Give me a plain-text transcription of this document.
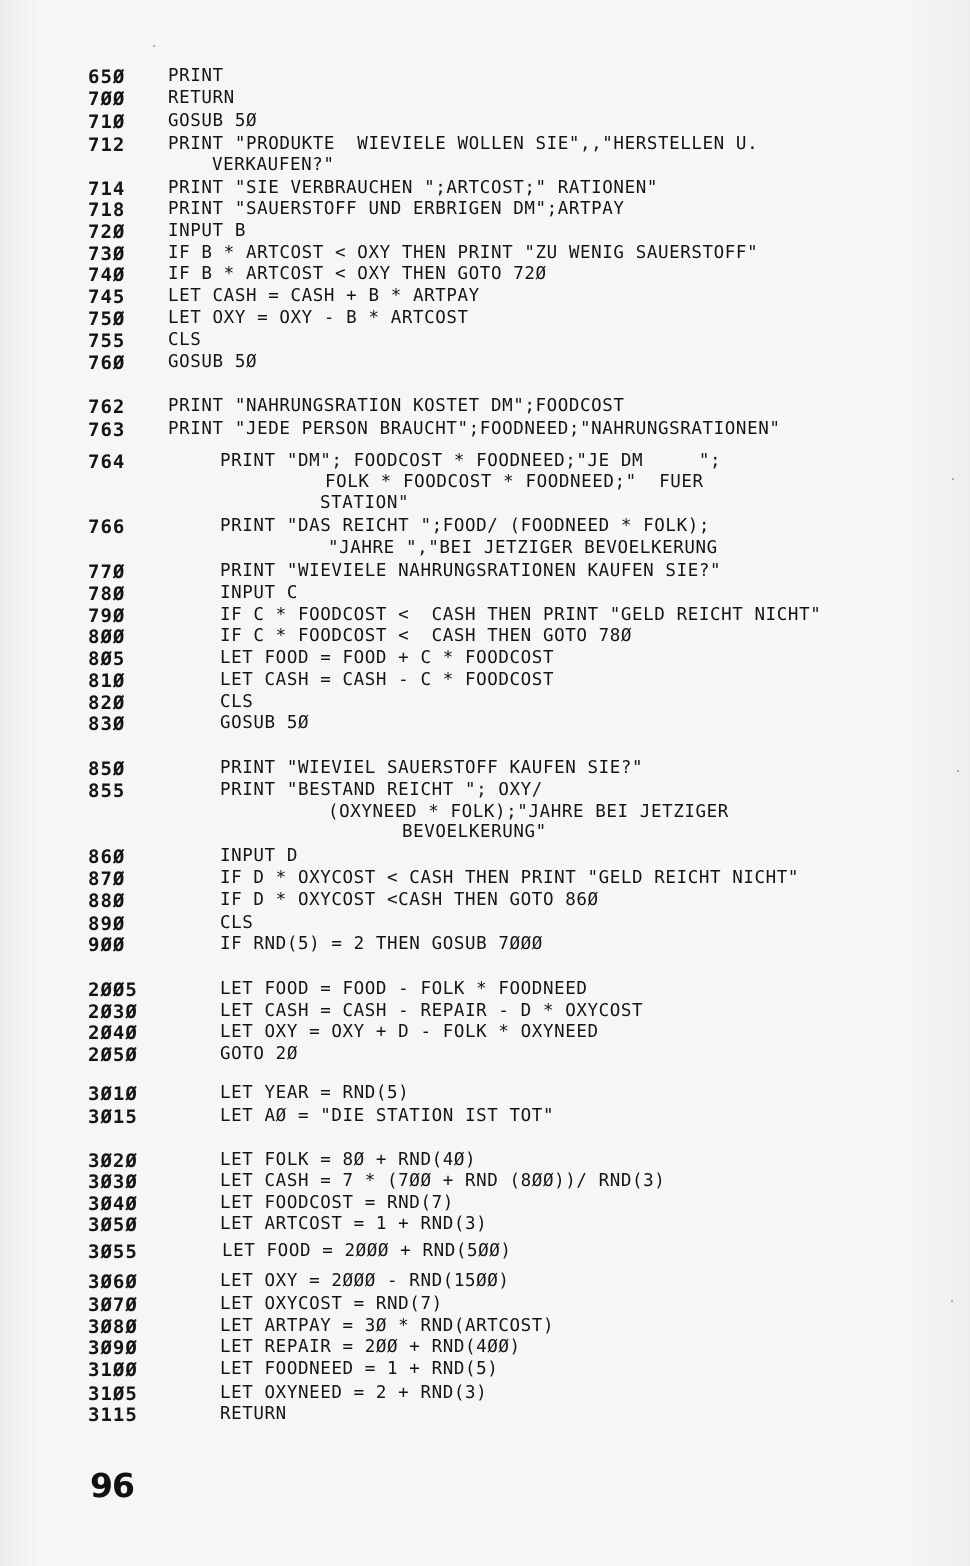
65Ø PRINT
7ØØ RETURN
71Ø GOSUB 5Ø
712 PRINT "PRODUKTE  WIEVIELE WOLLEN SIE",,"HERSTELLEN U.
VERKAUFEN?"
714 PRINT "SIE VERBRAUCHEN ";ARTCOST;" RATIONEN"
718 PRINT "SAUERSTOFF UND ERBRIGEN DM";ARTPAY
72Ø INPUT B
73Ø IF B * ARTCOST < OXY THEN PRINT "ZU WENIG SAUERSTOFF"
74Ø IF B * ARTCOST < OXY THEN GOTO 72Ø
745 LET CASH = CASH + B * ARTPAY
75Ø LET OXY = OXY - B * ARTCOST
755 CLS
76Ø GOSUB 5Ø
762 PRINT "NAHRUNGSRATION KOSTET DM";FOODCOST
763 PRINT "JEDE PERSON BRAUCHT";FOODNEED;"NAHRUNGSRATIONEN"
764	PRINT "DM"; FOODCOST * FOODNEED;"JE DM     ";
FOLK * FOODCOST * FOODNEED;"  FUER
STATION"
766	PRINT "DAS REICHT ";FOOD/ (FOODNEED * FOLK);
"JAHRE ","BEI JETZIGER BEVOELKERUNG
77Ø	PRINT "WIEVIELE NAHRUNGSRATIONEN KAUFEN SIE?"
78Ø	INPUT C
79Ø	IF C * FOODCOST <  CASH THEN PRINT "GELD REICHT NICHT"
8ØØ	IF C * FOODCOST <  CASH THEN GOTO 78Ø
8Ø5	LET FOOD = FOOD + C * FOODCOST
81Ø	LET CASH = CASH - C * FOODCOST
82Ø	CLS
83Ø	GOSUB 5Ø
85Ø	PRINT "WIEVIEL SAUERSTOFF KAUFEN SIE?"
855	PRINT "BESTAND REICHT "; OXY/
(OXYNEED * FOLK);"JAHRE BEI JETZIGER
BEVOELKERUNG"
86Ø	INPUT D
87Ø	IF D * OXYCOST < CASH THEN PRINT "GELD REICHT NICHT"
88Ø	IF D * OXYCOST <CASH THEN GOTO 86Ø
89Ø	CLS
9ØØ	IF RND(5) = 2 THEN GOSUB 7ØØØ
2ØØ5	LET FOOD = FOOD - FOLK * FOODNEED
2Ø3Ø	LET CASH = CASH - REPAIR - D * OXYCOST
2Ø4Ø	LET OXY = OXY + D - FOLK * OXYNEED
2Ø5Ø	GOTO 2Ø
3Ø1Ø	LET YEAR = RND(5)
3Ø15	LET AØ = "DIE STATION IST TOT"
3Ø2Ø	LET FOLK = 8Ø + RND(4Ø)
3Ø3Ø	LET CASH = 7 * (7ØØ + RND (8ØØ))/ RND(3)
3Ø4Ø	LET FOODCOST = RND(7)
3Ø5Ø	LET ARTCOST = 1 + RND(3)
3Ø55	LET FOOD = 2ØØØ + RND(5ØØ)
3Ø6Ø	LET OXY = 2ØØØ - RND(15ØØ)
3Ø7Ø	LET OXYCOST = RND(7)
3Ø8Ø	LET ARTPAY = 3Ø * RND(ARTCOST)
3Ø9Ø	LET REPAIR = 2ØØ + RND(4ØØ)
31ØØ	LET FOODNEED = 1 + RND(5)
31Ø5	LET OXYNEED = 2 + RND(3)
3115	RETURN
96
